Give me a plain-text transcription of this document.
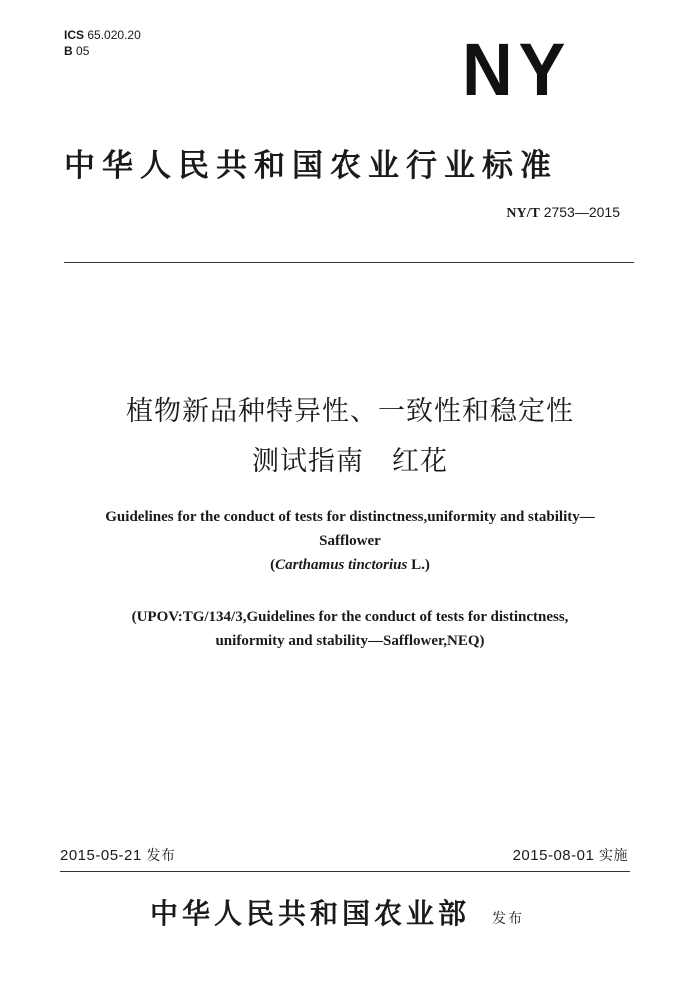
ICS 65.020.20
B 05	NY
中华人民共和国农业行业标准
NY/T 2753—2015
植物新品种特异性、一致性和稳定性
测试指南　红花
Guidelines for the conduct of tests for distinctness,uniformity and stability—
Safflower
(Carthamus tinctorius L.)
(UPOV:TG/134/3,Guidelines for the conduct of tests for distinctness,
uniformity and stability—Safflower,NEQ)
2015-05-21 发布	2015-08-01 实施
中华人民共和国农业部 发布
